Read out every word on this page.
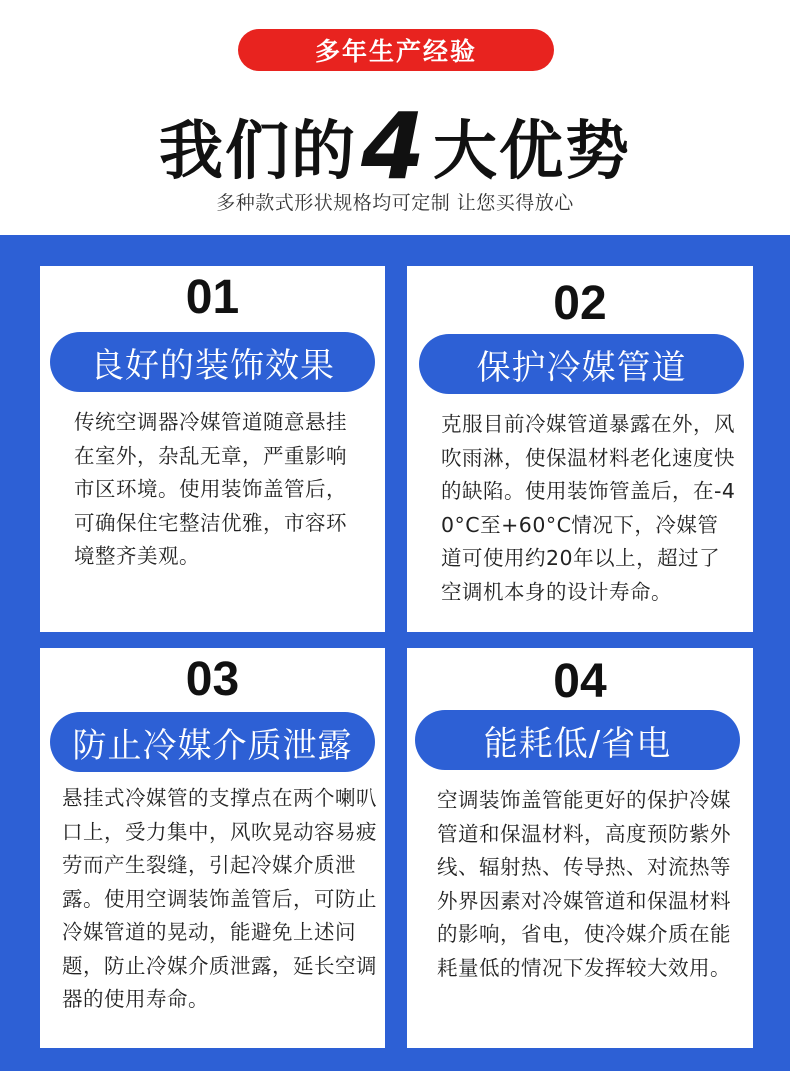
多年生产经验
我们的 4 大优势
多种款式形状规格均可定制 让您买得放心
01
良好的装饰效果
传统空调器冷媒管道随意悬挂在室外，杂乱无章，严重影响市区环境。使用装饰盖管后，可确保住宅整洁优雅，市容环境整齐美观。
02
保护冷媒管道
克服目前冷媒管道暴露在外，风吹雨淋，使保温材料老化速度快的缺陷。使用装饰管盖后，在-40°C至+60°C情况下，冷媒管道可使用约20年以上，超过了空调机本身的设计寿命。
03
防止冷媒介质泄露
悬挂式冷媒管的支撑点在两个喇叭口上，受力集中，风吹晃动容易疲劳而产生裂缝，引起冷媒介质泄露。使用空调装饰盖管后，可防止冷媒管道的晃动，能避免上述问题，防止冷媒介质泄露，延长空调器的使用寿命。
04
能耗低/省电
空调装饰盖管能更好的保护冷媒管道和保温材料，高度预防紫外线、辐射热、传导热、对流热等外界因素对冷媒管道和保温材料的影响，省电，使冷媒介质在能耗量低的情况下发挥较大效用。
